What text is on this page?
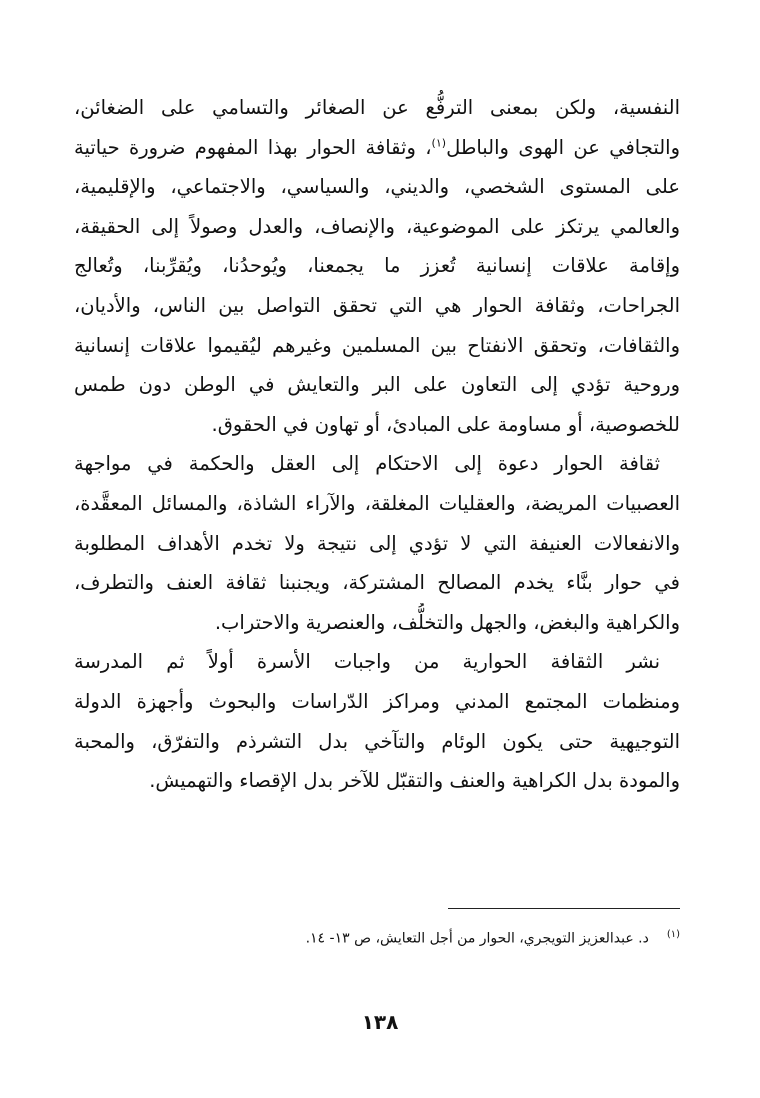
النفسية، ولكن بمعنى الترفُّع عن الصغائر والتسامي على الضغائن،
والتجافي عن الهوى والباطل$^{(١)}$، وثقافة الحوار بهذا المفهوم ضرورة حياتية
على المستوى الشخصي، والديني، والسياسي، والاجتماعي، والإقليمية،
والعالمي يرتكز على الموضوعية، والإنصاف، والعدل وصولاً إلى الحقيقة،
وإقامة علاقات إنسانية تُعزز ما يجمعنا، ويُوحدُنا، ويُقرِّبنا، وتُعالج
الجراحات، وثقافة الحوار هي التي تحقق التواصل بين الناس، والأديان،
والثقافات، وتحقق الانفتاح بين المسلمين وغيرهم ليُقيموا علاقات إنسانية
وروحية تؤدي إلى التعاون على البر والتعايش في الوطن دون طمس
للخصوصية، أو مساومة على المبادئ، أو تهاون في الحقوق.
ثقافة الحوار دعوة إلى الاحتكام إلى العقل والحكمة في مواجهة
العصبيات المريضة، والعقليات المغلقة، والآراء الشاذة، والمسائل المعقَّدة،
والانفعالات العنيفة التي لا تؤدي إلى نتيجة ولا تخدم الأهداف المطلوبة
في حوار بنَّاء يخدم المصالح المشتركة، ويجنبنا ثقافة العنف والتطرف،
والكراهية والبغض، والجهل والتخلُّف، والعنصرية والاحتراب.
نشر الثقافة الحوارية من واجبات الأسرة أولاً ثم المدرسة
ومنظمات المجتمع المدني ومراكز الدّراسات والبحوث وأجهزة الدولة
التوجيهية حتى يكون الوئام والتآخي بدل التشرذم والتفرّق، والمحبة
والمودة بدل الكراهية والعنف والتقبّل للآخر بدل الإقصاء والتهميش.
(١)د. عبدالعزيز التويجري، الحوار من أجل التعايش، ص ١٣- ١٤.
١٣٨
